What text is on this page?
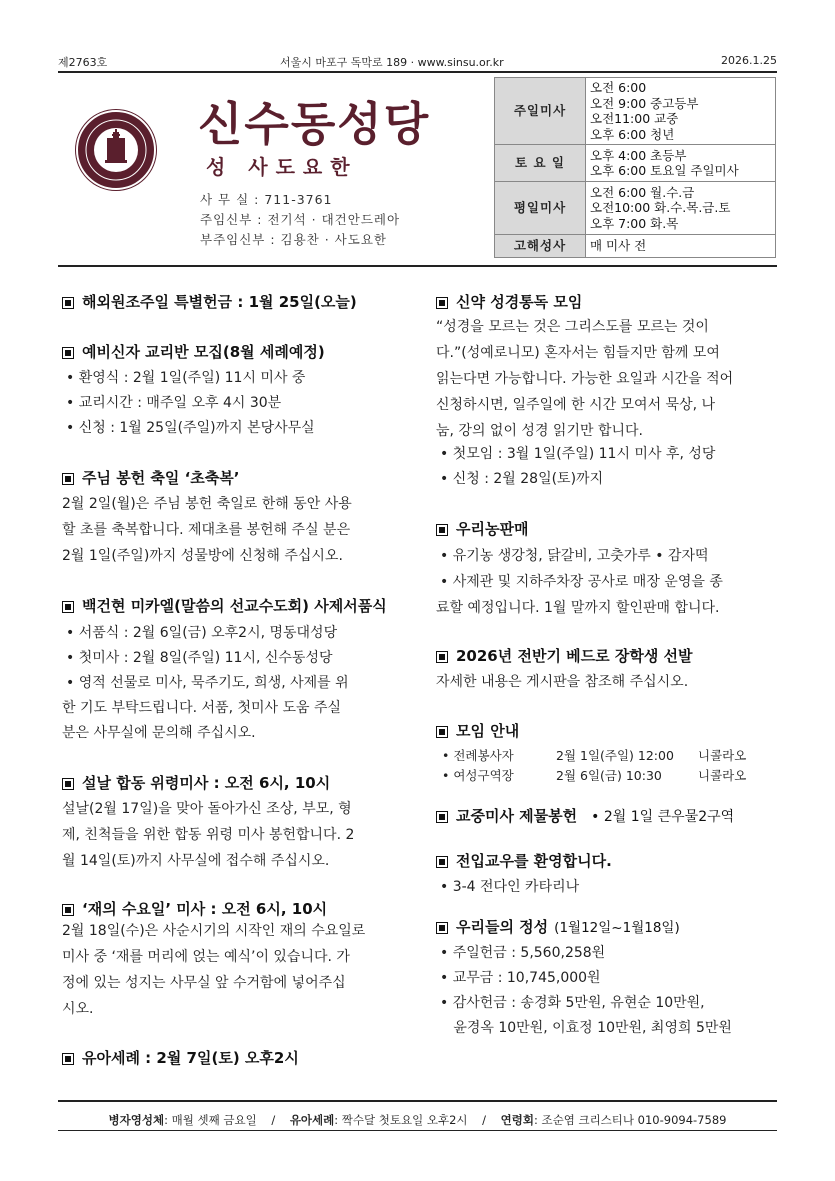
제2763호	서울시 마포구 독막로 189 · www.sinsu.or.kr	2026.1.25
신수동성당
성 사도요한
사 무 실 : 711-3761
주임신부 : 전기석 · 대건안드레아
부주임신부 : 김용찬 · 사도요한
주일미사	오전 6:00
오전 9:00 중고등부
오전11:00 교중
오후 6:00 청년

토 요 일	오후 4:00 초등부
오후 6:00 토요일 주일미사

평일미사	오전 6:00 월.수.금
오전10:00 화.수.목.금.토
오후 7:00 화.목

고해성사	매 미사 전
해외원조주일 특별헌금 : 1월 25일(오늘)
예비신자 교리반 모집(8월 세례예정)
• 환영식 : 2월 1일(주일) 11시 미사 중
• 교리시간 : 매주일 오후 4시 30분
• 신청 : 1월 25일(주일)까지 본당사무실
주님 봉헌 축일 ‘초축복’
2월 2일(월)은 주님 봉헌 축일로 한해 동안 사용
할 초를 축복합니다. 제대초를 봉헌해 주실 분은
2월 1일(주일)까지 성물방에 신청해 주십시오.
백건현 미카엘(말씀의 선교수도회) 사제서품식
• 서품식 : 2월 6일(금) 오후2시, 명동대성당
• 첫미사 : 2월 8일(주일) 11시, 신수동성당
• 영적 선물로 미사, 묵주기도, 희생, 사제를 위
한 기도 부탁드립니다. 서품, 첫미사 도움 주실
분은 사무실에 문의해 주십시오.
설날 합동 위령미사 : 오전 6시, 10시
설날(2월 17일)을 맞아 돌아가신 조상, 부모, 형
제, 친척들을 위한 합동 위령 미사 봉헌합니다. 2
월 14일(토)까지 사무실에 접수해 주십시오.
‘재의 수요일’ 미사 : 오전 6시, 10시
2월 18일(수)은 사순시기의 시작인 재의 수요일로
미사 중 ‘재를 머리에 얹는 예식’이 있습니다. 가
정에 있는 성지는 사무실 앞 수거함에 넣어주십
시오.
유아세례 : 2월 7일(토) 오후2시
신약 성경통독 모임
“성경을 모르는 것은 그리스도를 모르는 것이
다.”(성예로니모) 혼자서는 힘들지만 함께 모여
읽는다면 가능합니다. 가능한 요일과 시간을 적어
신청하시면, 일주일에 한 시간 모여서 묵상, 나
눔, 강의 없이 성경 읽기만 합니다.
• 첫모임 : 3월 1일(주일) 11시 미사 후, 성당
• 신청 : 2월 28일(토)까지
우리농판매
• 유기농 생강청, 닭갈비, 고춧가루 • 감자떡
• 사제관 및 지하주차장 공사로 매장 운영을 종
료할 예정입니다. 1월 말까지 할인판매 합니다.
2026년 전반기 베드로 장학생 선발
자세한 내용은 게시판을 참조해 주십시오.
모임 안내
• 전례봉사자	2월 1일(주일) 12:00 니콜라오
• 여성구역장	2월 6일(금) 10:30	니콜라오
교중미사 제물봉헌 • 2월 1일 큰우물2구역
전입교우를 환영합니다.
• 3-4 전다인 카타리나
우리들의 정성 (1월12일~1월18일)
• 주일헌금 : 5,560,258원
• 교무금 : 10,745,000원
• 감사헌금 : 송경화 5만원, 유현순 10만원,
윤경옥 10만원, 이효정 10만원, 최영희 5만원
병자영성체: 매월 셋째 금요일 / 유아세례: 짝수달 첫토요일 오후2시 / 연령회: 조순염 크리스티나 010-9094-7589
